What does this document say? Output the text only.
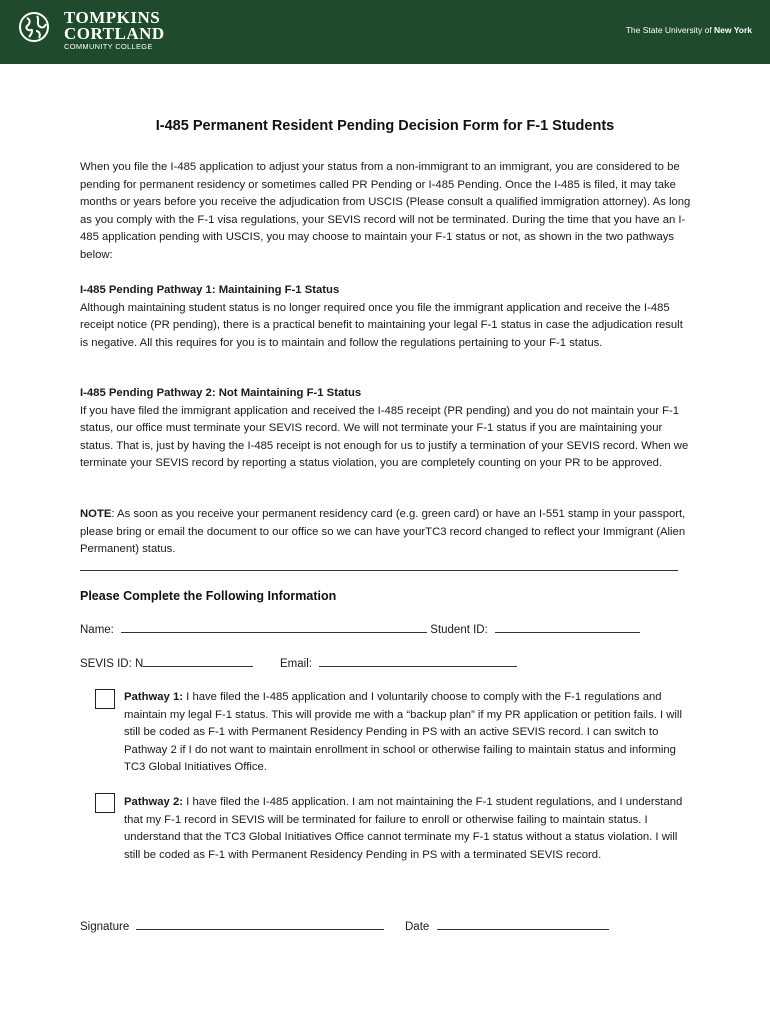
TOMPKINS
CORTLAND
COMMUNITY COLLEGE
The State University of New York
I-485 Permanent Resident Pending Decision Form for F-1 Students
When you file the I-485 application to adjust your status from a non-immigrant to an immigrant, you are considered to be pending for permanent residency or sometimes called PR Pending or I-485 Pending. Once the I-485 is filed, it may take months or years before you receive the adjudication from USCIS (Please consult a qualified immigration attorney). As long as you comply with the F-1 visa regulations, your SEVIS record will not be terminated. During the time that you have an I-485 application pending with USCIS, you may choose to maintain your F-1 status or not, as shown in the two pathways below:
I-485 Pending Pathway 1: Maintaining F-1 Status
Although maintaining student status is no longer required once you file the immigrant application and receive the I-485 receipt notice (PR pending), there is a practical benefit to maintaining your legal F-1 status in case the adjudication result is negative. All this requires for you is to maintain and follow the regulations pertaining to your F-1 status.
I-485 Pending Pathway 2: Not Maintaining F-1 Status
If you have filed the immigrant application and received the I-485 receipt (PR pending) and you do not maintain your F-1 status, our office must terminate your SEVIS record. We will not terminate your F-1 status if you are maintaining your status. That is, just by having the I-485 receipt is not enough for us to justify a termination of your SEVIS record. When we terminate your SEVIS record by reporting a status violation, you are completely counting on your PR to be approved.
NOTE: As soon as you receive your permanent residency card (e.g. green card) or have an I-551 stamp in your passport, please bring or email the document to our office so we can have yourTC3 record changed to reflect your Immigrant (Alien Permanent) status.
Please Complete the Following Information
Name:	Student ID:
SEVIS ID: N	Email:
Pathway 1: I have filed the I-485 application and I voluntarily choose to comply with the F-1 regulations and maintain my legal F-1 status. This will provide me with a “backup plan” if my PR application or petition fails. I will still be coded as F-1 with Permanent Residency Pending in PS with an active SEVIS record. I can switch to Pathway 2 if I do not want to maintain enrollment in school or otherwise failing to maintain status and informing TC3 Global Initiatives Office.
Pathway 2: I have filed the I-485 application. I am not maintaining the F-1 student regulations, and I understand that my F-1 record in SEVIS will be terminated for failure to enroll or otherwise failing to maintain status. I understand that the TC3 Global Initiatives Office cannot terminate my F-1 status without a status violation. I will still be coded as F-1 with Permanent Residency Pending in PS with a terminated SEVIS record.
Signature	Date
